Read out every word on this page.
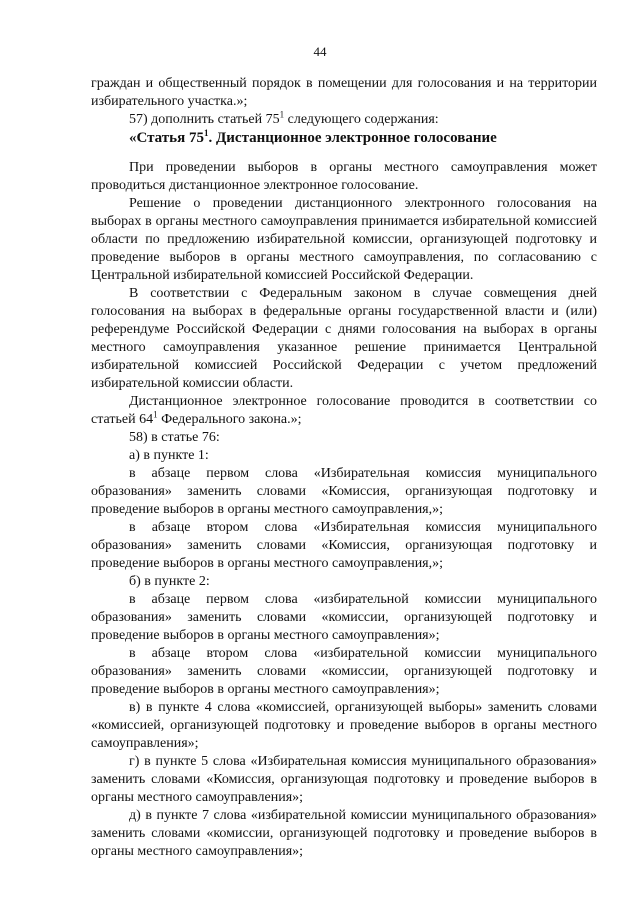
44

граждан и общественный порядок в помещении для голосования и на территории избирательного участка.»;

57) дополнить статьей $75^1$ следующего содержания:

«Статья $75^1$. Дистанционное электронное голосование

При проведении выборов в органы местного самоуправления может проводиться дистанционное электронное голосование.

Решение о проведении дистанционного электронного голосования на выборах в органы местного самоуправления принимается избирательной комиссией области по предложению избирательной комиссии, организующей подготовку и проведение выборов в органы местного самоуправления, по согласованию с Центральной избирательной комиссией Российской Федерации.

В соответствии с Федеральным законом в случае совмещения дней голосования на выборах в федеральные органы государственной власти и (или) референдуме Российской Федерации с днями голосования на выборах в органы местного самоуправления указанное решение принимается Центральной избирательной комиссией Российской Федерации с учетом предложений избирательной комиссии области.

Дистанционное электронное голосование проводится в соответствии со статьей $64^1$ Федерального закона.»;

58) в статье 76:

а) в пункте 1:

в абзаце первом слова «Избирательная комиссия муниципального образования» заменить словами «Комиссия, организующая подготовку и проведение выборов в органы местного самоуправления,»;

в абзаце втором слова «Избирательная комиссия муниципального образования» заменить словами «Комиссия, организующая подготовку и проведение выборов в органы местного самоуправления,»;

б) в пункте 2:

в абзаце первом слова «избирательной комиссии муниципального образования» заменить словами «комиссии, организующей подготовку и проведение выборов в органы местного самоуправления»;

в абзаце втором слова «избирательной комиссии муниципального образования» заменить словами «комиссии, организующей подготовку и проведение выборов в органы местного самоуправления»;

в) в пункте 4 слова «комиссией, организующей выборы» заменить словами «комиссией, организующей подготовку и проведение выборов в органы местного самоуправления»;

г) в пункте 5 слова «Избирательная комиссия муниципального образования» заменить словами «Комиссия, организующая подготовку и проведение выборов в органы местного самоуправления»;

д) в пункте 7 слова «избирательной комиссии муниципального образования» заменить словами «комиссии, организующей подготовку и проведение выборов в органы местного самоуправления»;
